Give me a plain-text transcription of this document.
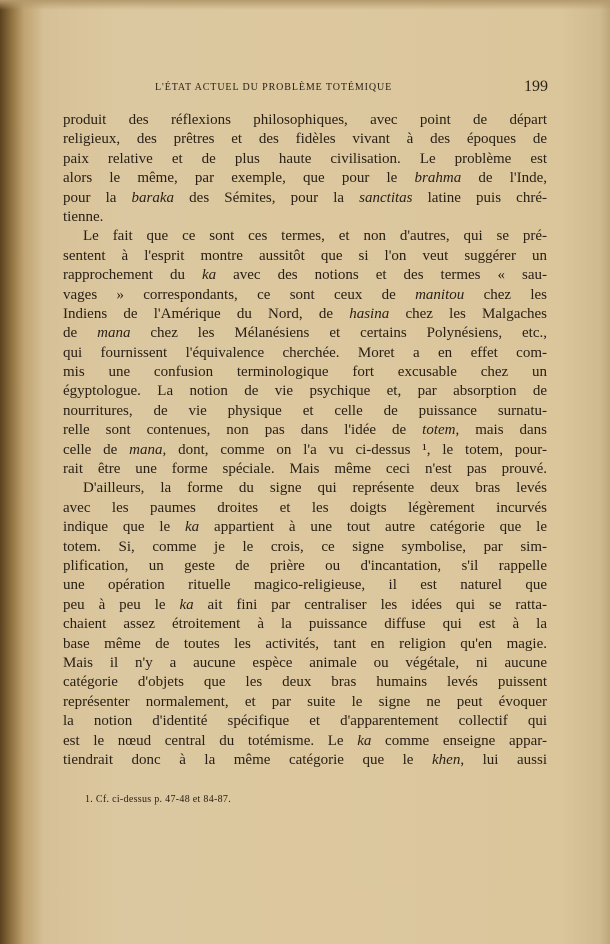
L'ÉTAT ACTUEL DU PROBLÈME TOTÉMIQUE	199
produit des réflexions philosophiques, avec point de départ
religieux, des prêtres et des fidèles vivant à des époques de
paix relative et de plus haute civilisation. Le problème est
alors le même, par exemple, que pour le brahma de l'Inde,
pour la baraka des Sémites, pour la sanctitas latine puis chré-
tienne.
Le fait que ce sont ces termes, et non d'autres, qui se pré-
sentent à l'esprit montre aussitôt que si l'on veut suggérer un
rapprochement du ka avec des notions et des termes « sau-
vages » correspondants, ce sont ceux de manitou chez les
Indiens de l'Amérique du Nord, de hasina chez les Malgaches
de mana chez les Mélanésiens et certains Polynésiens, etc.,
qui fournissent l'équivalence cherchée. Moret a en effet com-
mis une confusion terminologique fort excusable chez un
égyptologue. La notion de vie psychique et, par absorption de
nourritures, de vie physique et celle de puissance surnatu-
relle sont contenues, non pas dans l'idée de totem, mais dans
celle de mana, dont, comme on l'a vu ci-dessus ¹, le totem, pour-
rait être une forme spéciale. Mais même ceci n'est pas prouvé.
D'ailleurs, la forme du signe qui représente deux bras levés
avec les paumes droites et les doigts légèrement incurvés
indique que le ka appartient à une tout autre catégorie que le
totem. Si, comme je le crois, ce signe symbolise, par sim-
plification, un geste de prière ou d'incantation, s'il rappelle
une opération rituelle magico-religieuse, il est naturel que
peu à peu le ka ait fini par centraliser les idées qui se ratta-
chaient assez étroitement à la puissance diffuse qui est à la
base même de toutes les activités, tant en religion qu'en magie.
Mais il n'y a aucune espèce animale ou végétale, ni aucune
catégorie d'objets que les deux bras humains levés puissent
représenter normalement, et par suite le signe ne peut évoquer
la notion d'identité spécifique et d'apparentement collectif qui
est le nœud central du totémisme. Le ka comme enseigne appar-
tiendrait donc à la même catégorie que le khen, lui aussi
1. Cf. ci-dessus p. 47-48 et 84-87.
